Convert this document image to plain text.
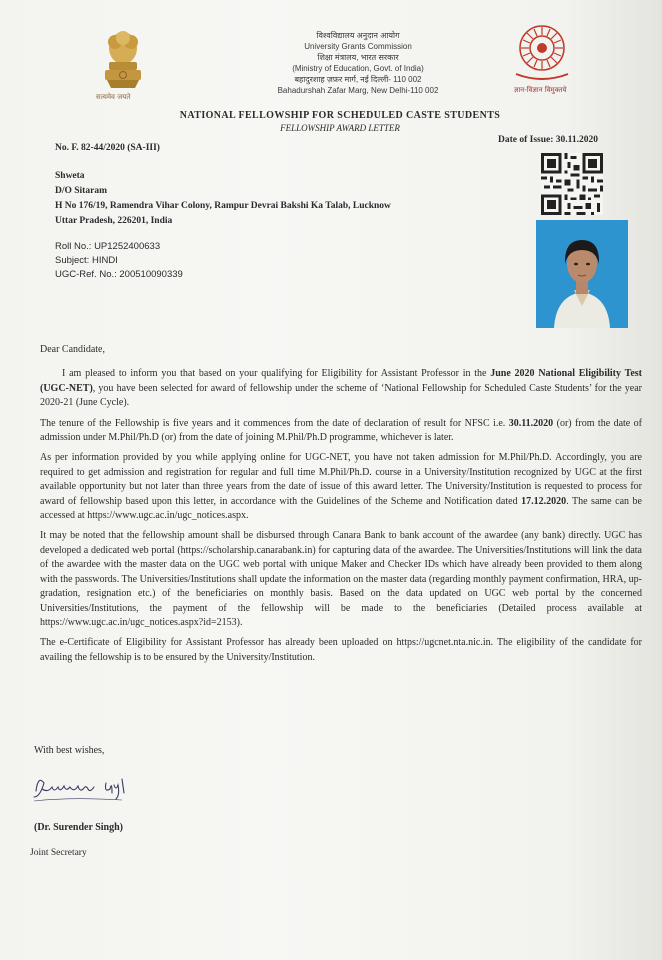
सत्यमेव जयते
विश्वविद्यालय अनुदान आयोग
University Grants Commission
शिक्षा मंत्रालय, भारत सरकार
(Ministry of Education, Govt. of India)
बहादुरशाह ज़फ़र मार्ग, नई दिल्ली- 110 002
Bahadurshah Zafar Marg, New Delhi-110 002	ज्ञान-विज्ञान विमुक्तये
NATIONAL FELLOWSHIP FOR SCHEDULED CASTE STUDENTS
FELLOWSHIP AWARD LETTER
No. F. 82-44/2020 (SA-III)
Date of Issue: 30.11.2020
Shweta
D/O Sitaram
H No 176/19, Ramendra Vihar Colony, Rampur Devrai Bakshi Ka Talab, Lucknow
Uttar Pradesh, 226201, India
Roll No.: UP1252400633
Subject: HINDI
UGC-Ref. No.: 200510090339

Dear Candidate,

I am pleased to inform you that based on your qualifying for Eligibility for Assistant Professor in the June 2020 National Eligibility Test (UGC-NET), you have been selected for award of fellowship under the scheme of ‘National Fellowship for Scheduled Caste Students’ for the year 2020-21 (June Cycle).

The tenure of the Fellowship is five years and it commences from the date of declaration of result for NFSC i.e. 30.11.2020 (or) from the date of admission under M.Phil/Ph.D (or) from the date of joining M.Phil/Ph.D programme, whichever is later.

As per information provided by you while applying online for UGC-NET, you have not taken admission for M.Phil/Ph.D. Accordingly, you are required to get admission and registration for regular and full time M.Phil/Ph.D. course in a University/Institution recognized by UGC at the first available opportunity but not later than three years from the date of issue of this award letter. The University/Institution is requested to process for award of fellowship based upon this letter, in accordance with the Guidelines of the Scheme and Notification dated 17.12.2020. The same can be accessed at https://www.ugc.ac.in/ugc_notices.aspx.

It may be noted that the fellowship amount shall be disbursed through Canara Bank to bank account of the awardee (any bank) directly. UGC has developed a dedicated web portal (https://scholarship.canarabank.in) for capturing data of the awardee. The Universities/Institutions will link the data of the awardee with the master data on the UGC web portal with unique Maker and Checker IDs which have already been provided to them along with the passwords. The Universities/Institutions shall update the information on the master data (regarding monthly payment confirmation, HRA, up-gradation, resignation etc.) of the beneficiaries on monthly basis. Based on the data updated on UGC web portal by the concerned Universities/Institutions, the payment of the fellowship will be made to the beneficiaries (Detailed process available at https://www.ugc.ac.in/ugc_notices.aspx?id=2153).

The e-Certificate of Eligibility for Assistant Professor has already been uploaded on https://ugcnet.nta.nic.in. The eligibility of the candidate for availing the fellowship is to be ensured by the University/Institution.

With best wishes,
(Dr. Surender Singh)
Joint Secretary
